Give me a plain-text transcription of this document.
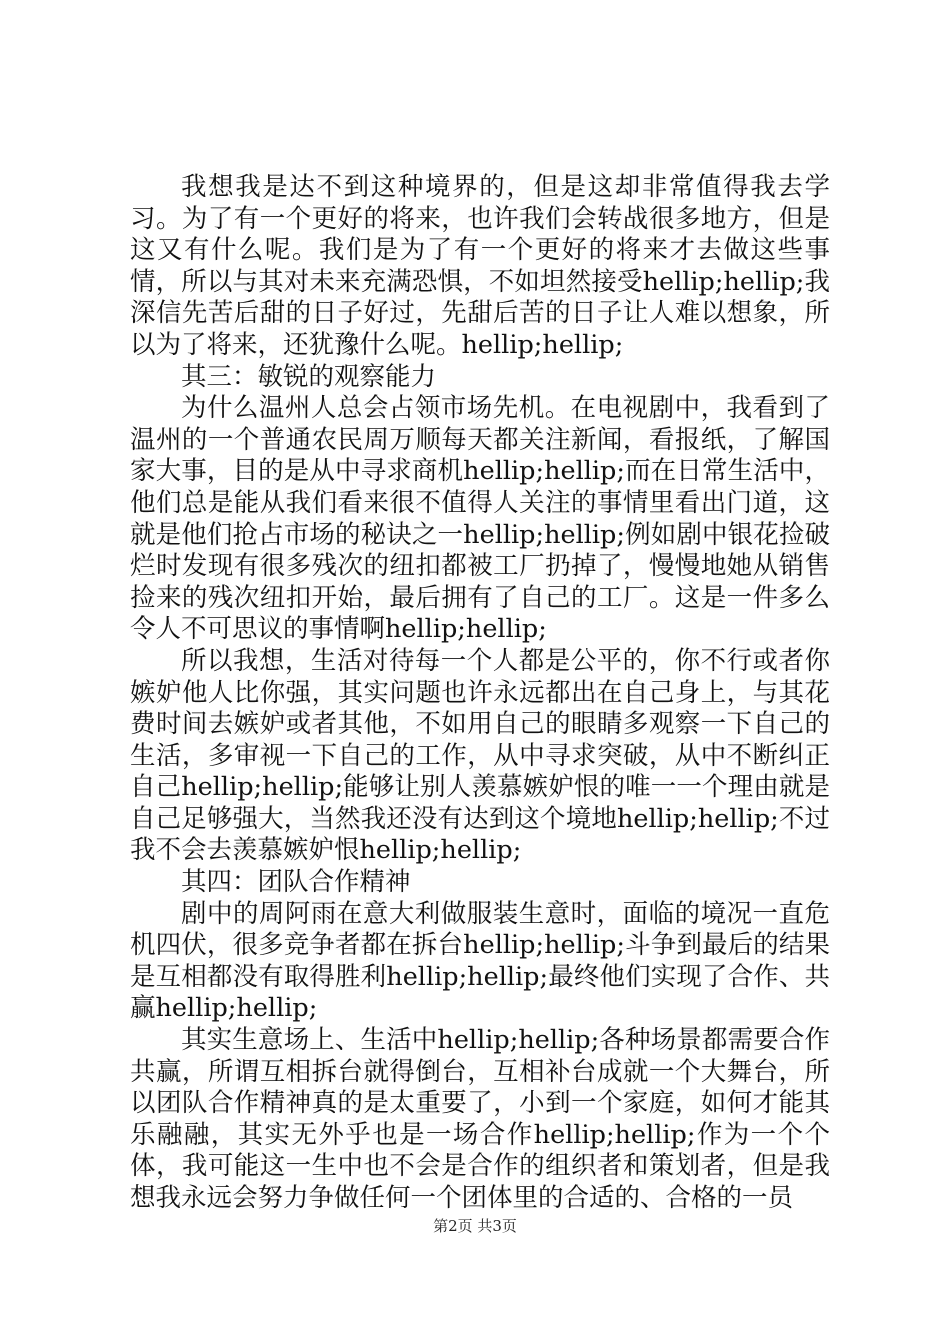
我想我是达不到这种境界的，但是这却非常值得我去学习。为了有一个更好的将来，也许我们会转战很多地方，但是这又有什么呢。我们是为了有一个更好的将来才去做这些事情，所以与其对未来充满恐惧，不如坦然接受hellip;hellip;我深信先苦后甜的日子好过，先甜后苦的日子让人难以想象，所以为了将来，还犹豫什么呢。hellip;hellip;

其三：敏锐的观察能力

为什么温州人总会占领市场先机。在电视剧中，我看到了温州的一个普通农民周万顺每天都关注新闻，看报纸，了解国家大事，目的是从中寻求商机hellip;hellip;而在日常生活中，他们总是能从我们看来很不值得人关注的事情里看出门道，这就是他们抢占市场的秘诀之一hellip;hellip;例如剧中银花捡破烂时发现有很多残次的纽扣都被工厂扔掉了，慢慢地她从销售捡来的残次纽扣开始，最后拥有了自己的工厂。这是一件多么令人不可思议的事情啊hellip;hellip;

所以我想，生活对待每一个人都是公平的，你不行或者你嫉妒他人比你强，其实问题也许永远都出在自己身上，与其花费时间去嫉妒或者其他，不如用自己的眼睛多观察一下自己的生活，多审视一下自己的工作，从中寻求突破，从中不断纠正自己hellip;hellip;能够让别人羡慕嫉妒恨的唯一一个理由就是自己足够强大，当然我还没有达到这个境地hellip;hellip;不过我不会去羡慕嫉妒恨hellip;hellip;

其四：团队合作精神

剧中的周阿雨在意大利做服装生意时，面临的境况一直危机四伏，很多竞争者都在拆台hellip;hellip;斗争到最后的结果是互相都没有取得胜利hellip;hellip;最终他们实现了合作、共赢hellip;hellip;

其实生意场上、生活中hellip;hellip;各种场景都需要合作共赢，所谓互相拆台就得倒台，互相补台成就一个大舞台，所以团队合作精神真的是太重要了，小到一个家庭，如何才能其乐融融，其实无外乎也是一场合作hellip;hellip;作为一个个体，我可能这一生中也不会是合作的组织者和策划者，但是我想我永远会努力争做任何一个团体里的合适的、合格的一员

第2页 共3页
